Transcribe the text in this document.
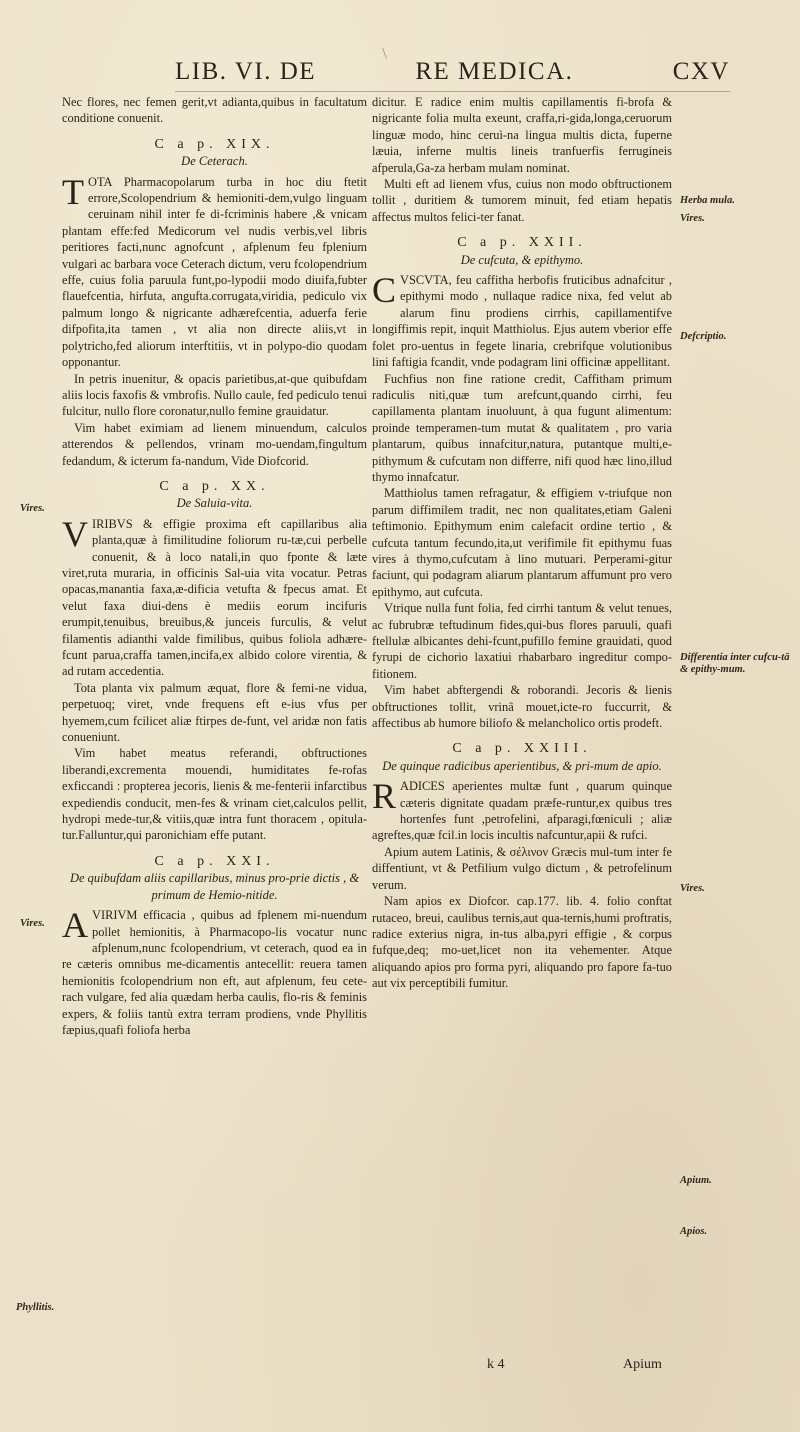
LIB. VI. DE	RE MEDICA.	CXV

Nec flores, nec femen gerit,vt adianta,quibus in facultatum conditione conuenit.

C a p. XIX.
De Ceterach.

TOTA Pharmacopolarum turba in hoc diu ftetit errore,Scolopendrium & hemioniti-dem,vulgo linguam ceruinam nihil inter fe di-fcriminis habere ,& vnicam plantam effe:fed Medicorum vel nudis verbis,vel libris peritiores facti,nunc agnofcunt , afplenum feu fplenium vulgari ac barbara voce Ceterach dictum, veru fcolopendrium effe, cuius folia paruula funt,po-lypodii modo diuifa,fubter flauefcentia, hirfuta, angufta.corrugata,viridia, pediculo vix palmum longo & nigricante adhærefcentia, aduerfa ferie difpofita,ita tamen , vt alia non directe aliis,vt in polytricho,fed aliorum interftitiis, vt in polypo-dio quodam opponantur.

In petris inuenitur, & opacis parietibus,at-que quibufdam aliis locis faxofis & vmbrofis. Nullo caule, fed pediculo tenui fulcitur, nullo flore coronatur,nullo femine grauidatur.

Vim habet eximiam ad lienem minuendum, calculos atterendos & pellendos, vrinam mo-uendam,fingultum fedandum, & icterum fa-nandum, Vide Diofcorid.

C a p. XX.
De Saluia-vita.

VIRIBVS & effigie proxima eft capillaribus alia planta,quæ à fimilitudine foliorum ru-tæ,cui perbelle conuenit, & à loco natali,in quo fponte & læte viret,ruta muraria, in officinis Sal-uia vita vocatur. Petras opacas,manantia faxa,æ-dificia vetufta & fpecus amat. Et velut faxa diui-dens è mediis eorum incifuris erumpit,tenuibus, breuibus,& junceis furculis, & velut filamentis adianthi valde fimilibus, quibus foliola adhære-fcunt parua,craffa tamen,incifa,ex albido colore virentia, & ad rutam accedentia.

Tota planta vix palmum æquat, flore & femi-ne vidua, perpetuoq; viret, vnde frequens eft e-ius vfus per hyemem,cum fcilicet aliæ ftirpes de-funt, vel aridæ non fatis conueniunt.

Vim habet meatus referandi, obftructiones liberandi,excrementa mouendi, humiditates fe-rofas exficcandi : propterea jecoris, lienis & me-fenterii infarctibus expediendis conducit, men-fes & vrinam ciet,calculos pellit, hydropi mede-tur,& vitiis,quæ intra funt thoracem , opitula-tur.Falluntur,qui paronichiam effe putant.

C a p. XXI.
De quibufdam aliis capillaribus, minus pro-prie dictis , & primum de Hemio-nitide.

AVIRIVM efficacia , quibus ad fplenem mi-nuendum pollet hemionitis, à Pharmacopo-lis vocatur nunc afplenum,nunc fcolopendrium, vt ceterach, quod ea in re cæteris omnibus me-dicamentis antecellit: reuera tamen hemionitis fcolopendrium non eft, aut afplenum, feu cete-rach vulgare, fed alia quædam herba caulis, flo-ris & feminis expers, & foliis tantù extra terram prodiens, vnde Phyllitis fæpius,quafi foliofa herba

dicitur. E radice enim multis capillamentis fi-brofa & nigricante folia multa exeunt, craffa,ri-gida,longa,ceruorum linguæ modo, hinc ceruì-na lingua multis dicta, fuperne læuia, inferne multis lineis tranfuerfis ferrugineis afperula,Ga-za herbam mulam nominat.

Multi eft ad lienem vfus, cuius non modo obftructionem tollit , duritiem & tumorem minuit, fed etiam hepatis affectus multos felici-ter fanat.

C a p. XXII.
De cufcuta, & epithymo.

CVSCVTA, feu caffitha herbofis fruticibus adnafcitur , epithymi modo , nullaque radice nixa, fed velut ab alarum finu prodiens cirrhis, capillamentifve longiffimis repit, inquit Matthiolus. Ejus autem vberior effe folet pro-uentus in fegete linaria, crebrifque volutionibus lini faftigia fcandit, vnde podagram lini officinæ appellitant.

Fuchfius non fine ratione credit, Caffitham primum radiculis niti,quæ tum arefcunt,quando cirrhi, feu capillamenta plantam inuoluunt, à qua fugunt alimentum: proinde temperamen-tum mutat & qualitatem , pro varia plantarum, quibus innafcitur,natura, putantque multi,e-pithymum & cufcutam non differre, nifi quod hæc lino,illud thymo innafcatur.

Matthiolus tamen refragatur, & effigiem v-triufque non parum diffimilem tradit, nec non qualitates,etiam Galeni teftimonio. Epithymum enim calefacit ordine tertio , & cufcuta tantum fecundo,ita,ut verifimile fit epithymu fuas vires à thymo,cufcutam à lino mutuari. Perperami-gitur faciunt, qui podagram aliarum plantarum affumunt pro vero epithymo, aut cufcuta.

Vtrique nulla funt folia, fed cirrhi tantum & velut tenues, ac fubrubræ teftudinum fides,qui-bus flores paruuli, quafi ftellulæ albicantes dehi-fcunt,pufillo femine grauidati, quod fyrupi de cichorio laxatiui rhabarbaro ingreditur compo-fitionem.

Vim habet abftergendi & roborandi. Jecoris & lienis obftructiones tollit, vrinâ mouet,icte-ro fuccurrit, & affectibus ab humore biliofo & melancholico ortis prodeft.

C a p. XXIII.
De quinque radicibus aperientibus, & pri-mum de apio.

RADICES aperientes multæ funt , quarum quinque cæteris dignitate quadam præfe-runtur,ex quibus tres hortenfes funt ,petrofelini, afparagi,fœniculi ; aliæ agreftes,quæ fcil.in locis incultis nafcuntur,apii & rufci.

Apium autem Latinis, & σέλινον Græcis mul-tum inter fe diffentiunt, vt & Petfilium vulgo dictum , & petrofelinum verum.

Nam apios ex Diofcor. cap.177. lib. 4. folio conftat rutaceo, breui, caulibus ternis,aut qua-ternis,humi proftratis, radice exterius nigra, in-tus alba,pyri effigie , & corpus fufque,deq; mo-uet,licet non ita vehementer. Atque aliquando apios pro forma pyri, aliquando pro fapore fa-tuo aut vix perceptibili fumitur.

Vires.
Vires.
Phyllitis.
Herba mula.
Vires.
Defcriptio.
Differentia inter cufcu-tā & epithy-mum.
Vires.
Apium.
Apios.
k 4	Apium
